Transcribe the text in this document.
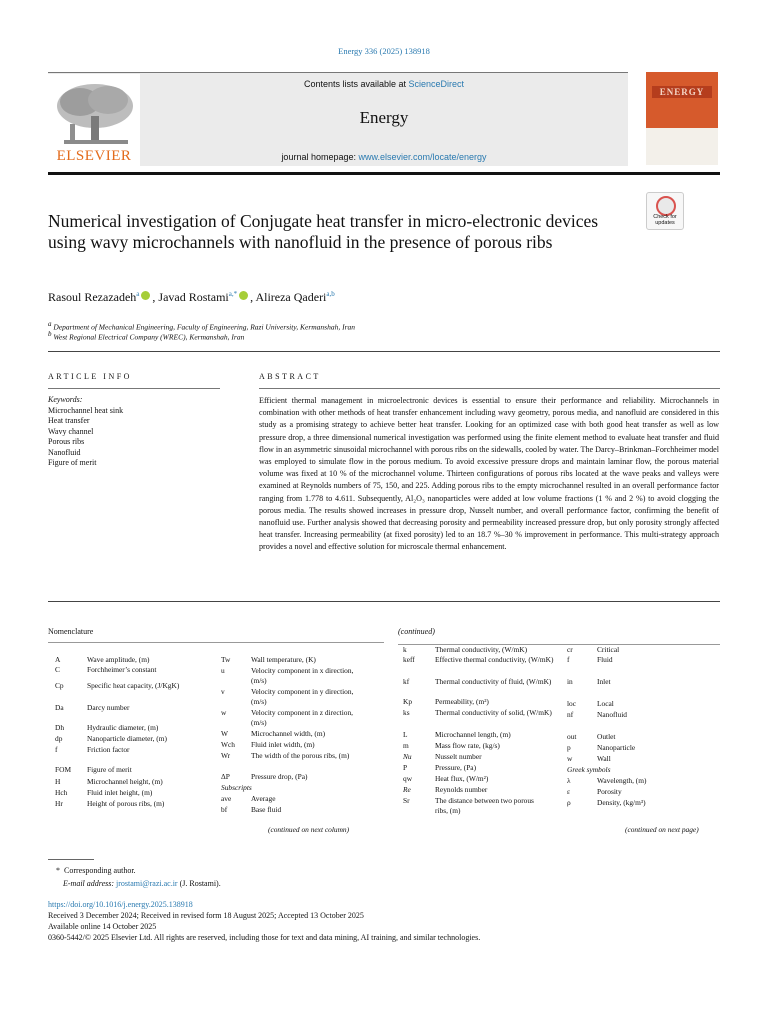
Energy 336 (2025) 138918
ELSEVIER
Contents lists available at ScienceDirect
Energy
journal homepage: www.elsevier.com/locate/energy
ENERGY
Check for updates
Numerical investigation of Conjugate heat transfer in micro-electronic devices using wavy microchannels with nanofluid in the presence of porous ribs
Rasoul Rezazadeh$^a$ , Javad Rostami$^{a,*}$ , Alireza Qaderi$^{a,b}$
$^a$ Department of Mechanical Engineering, Faculty of Engineering, Razi University, Kermanshah, Iran
$^b$ West Regional Electrical Company (WREC), Kermanshah, Iran
ARTICLE INFO
Keywords:
Microchannel heat sink
Heat transfer
Wavy channel
Porous ribs
Nanofluid
Figure of merit
ABSTRACT
Efficient thermal management in microelectronic devices is essential to ensure their performance and reliability. Microchannels in combination with other methods of heat transfer enhancement including wavy geometry, porous media, and nanofluid are considered in this study as a promising strategy to achieve better heat transfer. Looking for an optimized case with both good heat transfer as well as low pressure drop, a three dimensional numerical investigation was performed using the finite element method to evaluate heat transfer and fluid flow in an asymmetric sinusoidal microchannel with porous ribs on the sidewalls, cooled by water. The Darcy–Brinkman–Forchheimer model was employed to simulate flow in the porous medium. To avoid excessive pressure drops and maintain laminar flow, the porous material volume was fixed at 10 % of the microchannel volume. Thirteen configurations of porous ribs located at the wave peaks and valleys were examined at Reynolds numbers of 75, 150, and 225. Adding porous ribs to the empty microchannel resulted in an overall performance factor ranging from 1.778 to 4.611. Subsequently, Al₂O₃ nanoparticles were added at low volume fractions (1 % and 2 %) to avoid clogging the porous media. The results showed increases in pressure drop, Nusselt number, and overall performance factor, confirming the benefit of nanofluid use. Further analysis showed that decreasing porosity and permeability increased pressure drop, but only porosity strongly affected heat transfer. Increasing permeability (at fixed porosity) led to an 18.7 %–30 % improvement in performance. This multi-strategy approach provides a novel and effective solution for microscale thermal enhancement.
Nomenclature	(continued)
A	Wave amplitude, (m)
C	Forchheimer’s constant
Cp	Specific heat capacity, (J/KgK)
Da	Darcy number
Dh	Hydraulic diameter, (m)
dp	Nanoparticle diameter, (m)
f	Friction factor
FOM Figure of merit
H	Microchannel height, (m)
Hch	Fluid inlet height, (m)
Hr	Height of porous ribs, (m)
Tw	Wall temperature, (K)
u	Velocity component in x direction, (m/s)
v	Velocity component in y direction, (m/s)
w	Velocity component in z direction, (m/s)
W	Microchannel width, (m)
Wch Fluid inlet width, (m)
Wr	The width of the porous ribs, (m)
ΔP	Pressure drop, (Pa)
Subscripts
ave	Average
bf	Base fluid
(continued on next column)
k	Thermal conductivity, (W/mK)
keff	Effective thermal conductivity, (W/mK)
kf	Thermal conductivity of fluid, (W/mK)
Kp	Permeability, (m²)
ks	Thermal conductivity of solid, (W/mK)
L	Microchannel length, (m)
m	Mass flow rate, (kg/s)
Nu	Nusselt number
P	Pressure, (Pa)
qw	Heat flux, (W/m²)
Re	Reynolds number
Sr	The distance between two porous ribs, (m)
cr	Critical
f	Fluid
in	Inlet
loc	Local
nf	Nanofluid
out	Outlet
p	Nanoparticle
w	Wall
Greek symbols
λ	Wavelength, (m)
ε	Porosity
ρ	Density, (kg/m³)
(continued on next page)
* Corresponding author.
E-mail address: jrostami@razi.ac.ir (J. Rostami).
https://doi.org/10.1016/j.energy.2025.138918
Received 3 December 2024; Received in revised form 18 August 2025; Accepted 13 October 2025
Available online 14 October 2025
0360-5442/© 2025 Elsevier Ltd. All rights are reserved, including those for text and data mining, AI training, and similar technologies.
